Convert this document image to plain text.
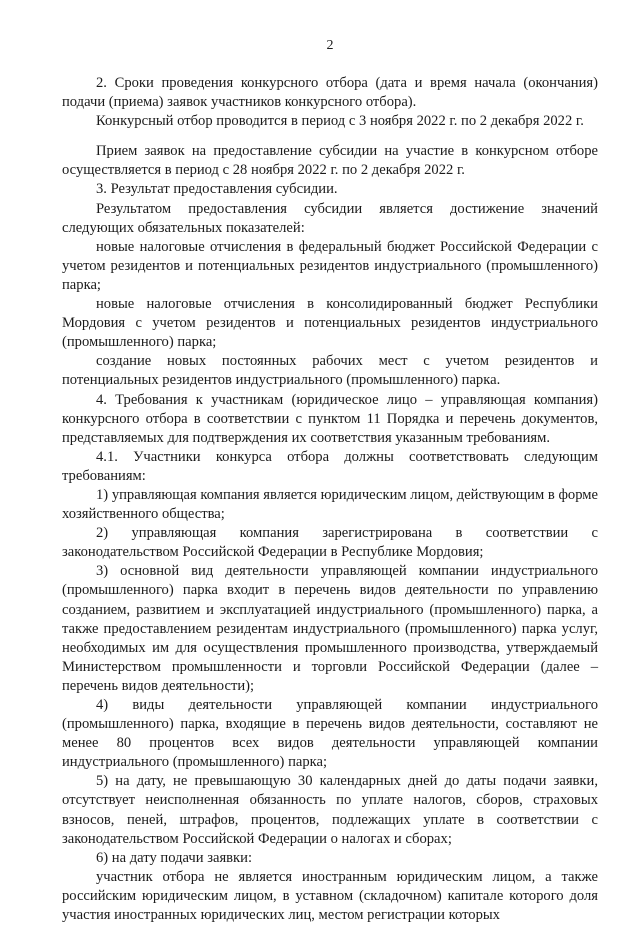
2

2. Сроки проведения конкурсного отбора (дата и время начала (окончания) подачи (приема) заявок участников конкурсного отбора).

Конкурсный отбор проводится в период с 3 ноября 2022 г. по 2 декабря 2022 г.

Прием заявок на предоставление субсидии на участие в конкурсном отборе осуществляется в период с 28 ноября 2022 г. по 2 декабря 2022 г.

3. Результат предоставления субсидии.

Результатом предоставления субсидии является достижение значений следующих обязательных показателей:

новые налоговые отчисления в федеральный бюджет Российской Федерации с учетом резидентов и потенциальных резидентов индустриального (промышленного) парка;

новые налоговые отчисления в консолидированный бюджет Республики Мордовия с учетом резидентов и потенциальных резидентов индустриального (промышленного) парка;

создание новых постоянных рабочих мест с учетом резидентов и потенциальных резидентов индустриального (промышленного) парка.

4. Требования к участникам (юридическое лицо – управляющая компания) конкурсного отбора в соответствии с пунктом 11 Порядка и перечень документов, представляемых для подтверждения их соответствия указанным требованиям.

4.1. Участники конкурса отбора должны соответствовать следующим требованиям:

1) управляющая компания является юридическим лицом, действующим в форме хозяйственного общества;

2) управляющая компания зарегистрирована в соответствии с законодательством Российской Федерации в Республике Мордовия;

3) основной вид деятельности управляющей компании индустриального (промышленного) парка входит в перечень видов деятельности по управлению созданием, развитием и эксплуатацией индустриального (промышленного) парка, а также предоставлением резидентам индустриального (промышленного) парка услуг, необходимых им для осуществления промышленного производства, утверждаемый Министерством промышленности и торговли Российской Федерации (далее – перечень видов деятельности);

4) виды деятельности управляющей компании индустриального (промышленного) парка, входящие в перечень видов деятельности, составляют не менее 80 процентов всех видов деятельности управляющей компании индустриального (промышленного) парка;

5) на дату, не превышающую 30 календарных дней до даты подачи заявки, отсутствует неисполненная обязанность по уплате налогов, сборов, страховых взносов, пеней, штрафов, процентов, подлежащих уплате в соответствии с законодательством Российской Федерации о налогах и сборах;

6) на дату подачи заявки:

участник отбора не является иностранным юридическим лицом, а также российским юридическим лицом, в уставном (складочном) капитале которого доля участия иностранных юридических лиц, местом регистрации которых
